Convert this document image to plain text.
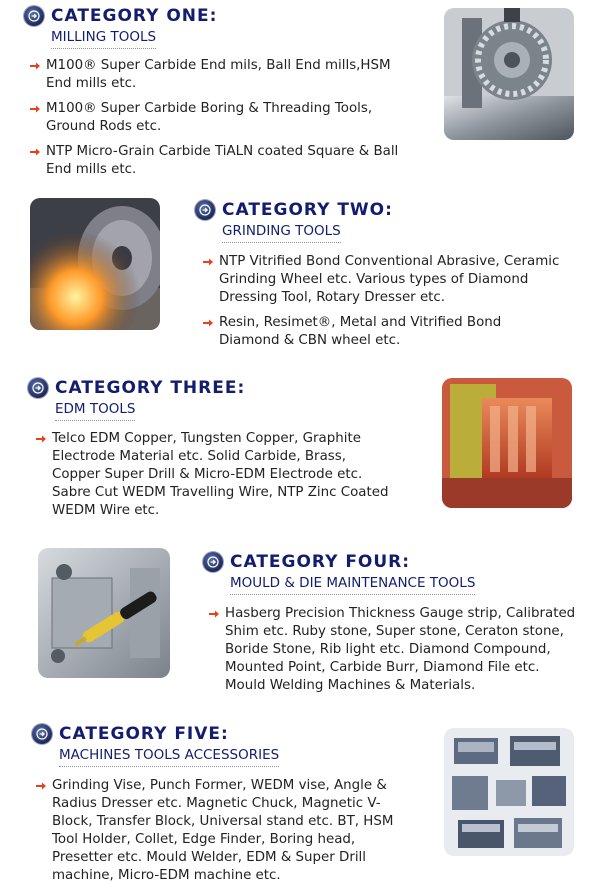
CATEGORY ONE:
MILLING TOOLS
M100® Super Carbide End mils, Ball End mills,HSM End mills etc.
M100® Super Carbide Boring & Threading Tools, Ground Rods etc.
NTP Micro-Grain Carbide TiALN coated Square & Ball End mills etc.
CATEGORY TWO:
GRINDING TOOLS
NTP Vitrified Bond Conventional Abrasive, Ceramic Grinding Wheel etc. Various types of Diamond Dressing Tool, Rotary Dresser etc.
Resin, Resimet®, Metal and Vitrified Bond Diamond & CBN wheel etc.
CATEGORY THREE:
EDM TOOLS
Telco EDM Copper, Tungsten Copper, Graphite Electrode Material etc. Solid Carbide, Brass, Copper Super Drill & Micro-EDM Electrode etc. Sabre Cut WEDM Travelling Wire, NTP Zinc Coated WEDM Wire etc.
CATEGORY FOUR:
MOULD & DIE MAINTENANCE TOOLS
Hasberg Precision Thickness Gauge strip, Calibrated Shim etc. Ruby stone, Super stone, Ceraton stone, Boride Stone, Rib light etc. Diamond Compound, Mounted Point, Carbide Burr, Diamond File etc. Mould Welding Machines & Materials.
CATEGORY FIVE:
MACHINES TOOLS ACCESSORIES
Grinding Vise, Punch Former, WEDM vise, Angle & Radius Dresser etc. Magnetic Chuck, Magnetic V-Block, Transfer Block, Universal stand etc. BT, HSM Tool Holder, Collet, Edge Finder, Boring head, Presetter etc. Mould Welder, EDM & Super Drill machine, Micro-EDM machine etc.
